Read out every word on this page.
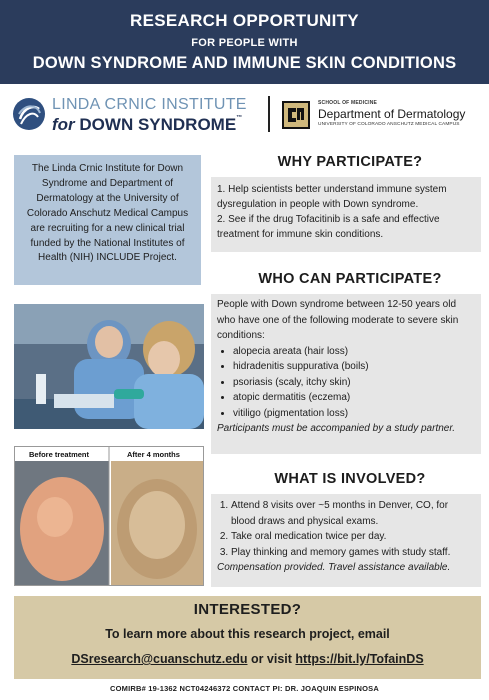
RESEARCH OPPORTUNITY
FOR PEOPLE WITH
DOWN SYNDROME AND IMMUNE SKIN CONDITIONS
LINDA CRNIC INSTITUTE
for DOWN SYNDROME™
SCHOOL OF MEDICINE
Department of Dermatology
UNIVERSITY OF COLORADO ANSCHUTZ MEDICAL CAMPUS
The Linda Crnic Institute for Down Syndrome and Department of Dermatology at the University of Colorado Anschutz Medical Campus are recruiting for a new clinical trial funded by the National Institutes of Health (NIH) INCLUDE Project.
WHY PARTICIPATE?
1. Help scientists better understand immune system dysregulation in people with Down syndrome.
2. See if the drug Tofacitinib is a safe and effective treatment for immune skin conditions.
Before treatment	After 4 months
WHO CAN PARTICIPATE?
People with Down syndrome between 12-50 years old who have one of the following moderate to severe skin conditions:
• alopecia areata (hair loss)
• hidradenitis suppurativa (boils)
• psoriasis (scaly, itchy skin)
• atopic dermatitis (eczema)
• vitiligo (pigmentation loss)
Participants must be accompanied by a study partner.
WHAT IS INVOLVED?
1. Attend 8 visits over ~5 months in Denver, CO, for blood draws and physical exams.
2. Take oral medication twice per day.
3. Play thinking and memory games with study staff.
Compensation provided. Travel assistance available.
INTERESTED?
To learn more about this research project, email
DSresearch@cuanschutz.edu or visit https://bit.ly/TofainDS
COMIRB# 19-1362 NCT04246372 CONTACT PI: DR. JOAQUIN ESPINOSA
